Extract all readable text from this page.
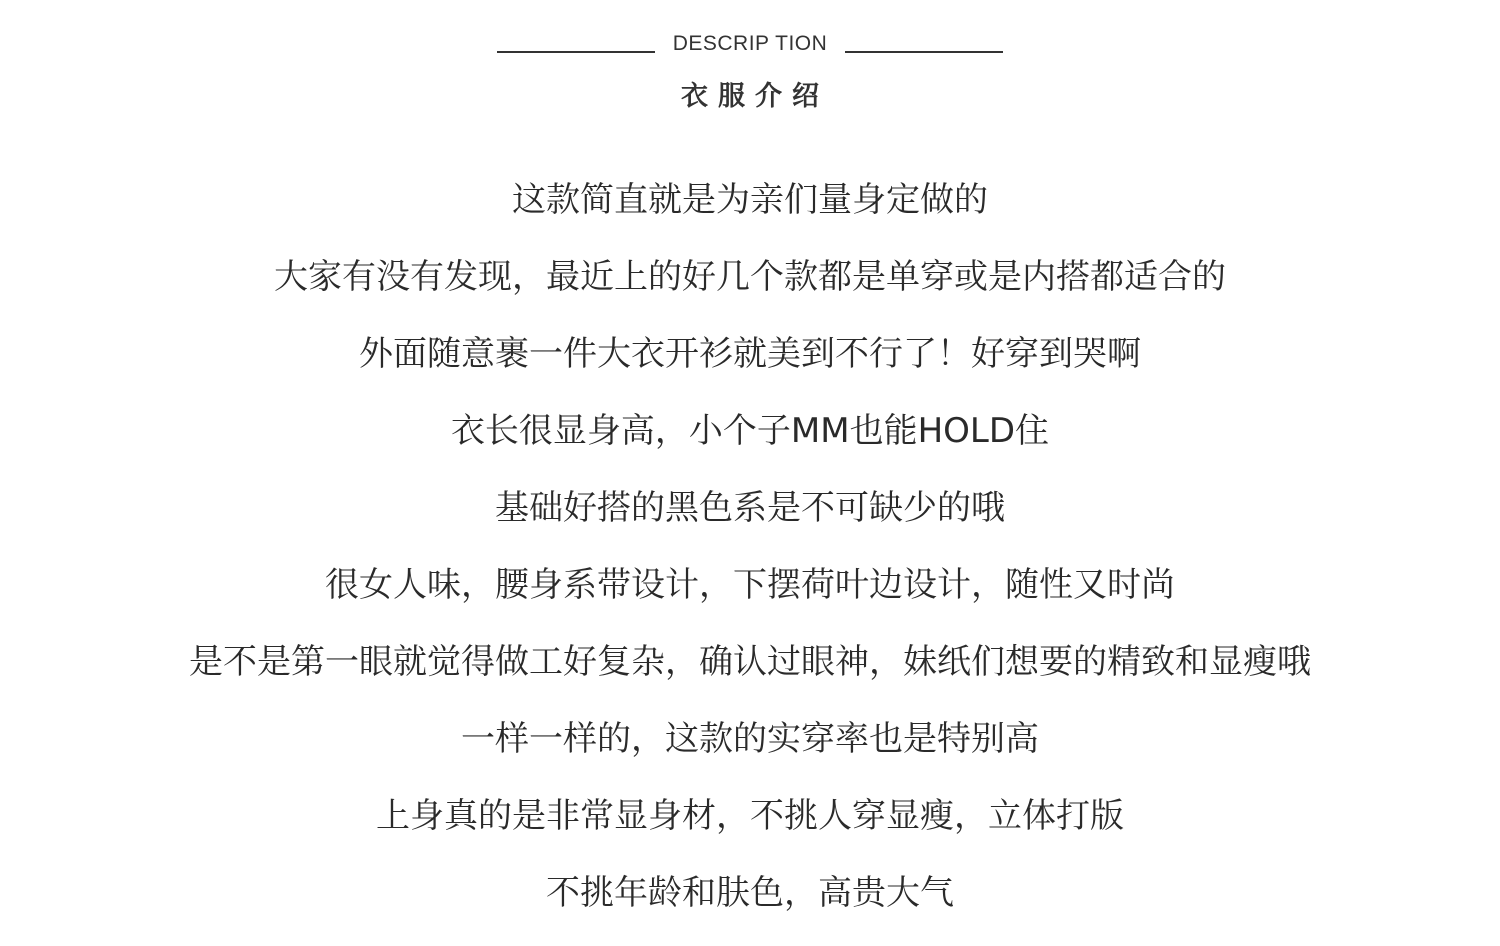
DESCRIP TION
衣服介绍
这款简直就是为亲们量身定做的
大家有没有发现，最近上的好几个款都是单穿或是内搭都适合的
外面随意裹一件大衣开衫就美到不行了！好穿到哭啊
衣长很显身高，小个子MM也能HOLD住
基础好搭的黑色系是不可缺少的哦
很女人味，腰身系带设计，下摆荷叶边设计，随性又时尚
是不是第一眼就觉得做工好复杂，确认过眼神，妹纸们想要的精致和显瘦哦
一样一样的，这款的实穿率也是特别高
上身真的是非常显身材，不挑人穿显瘦，立体打版
不挑年龄和肤色，高贵大气
